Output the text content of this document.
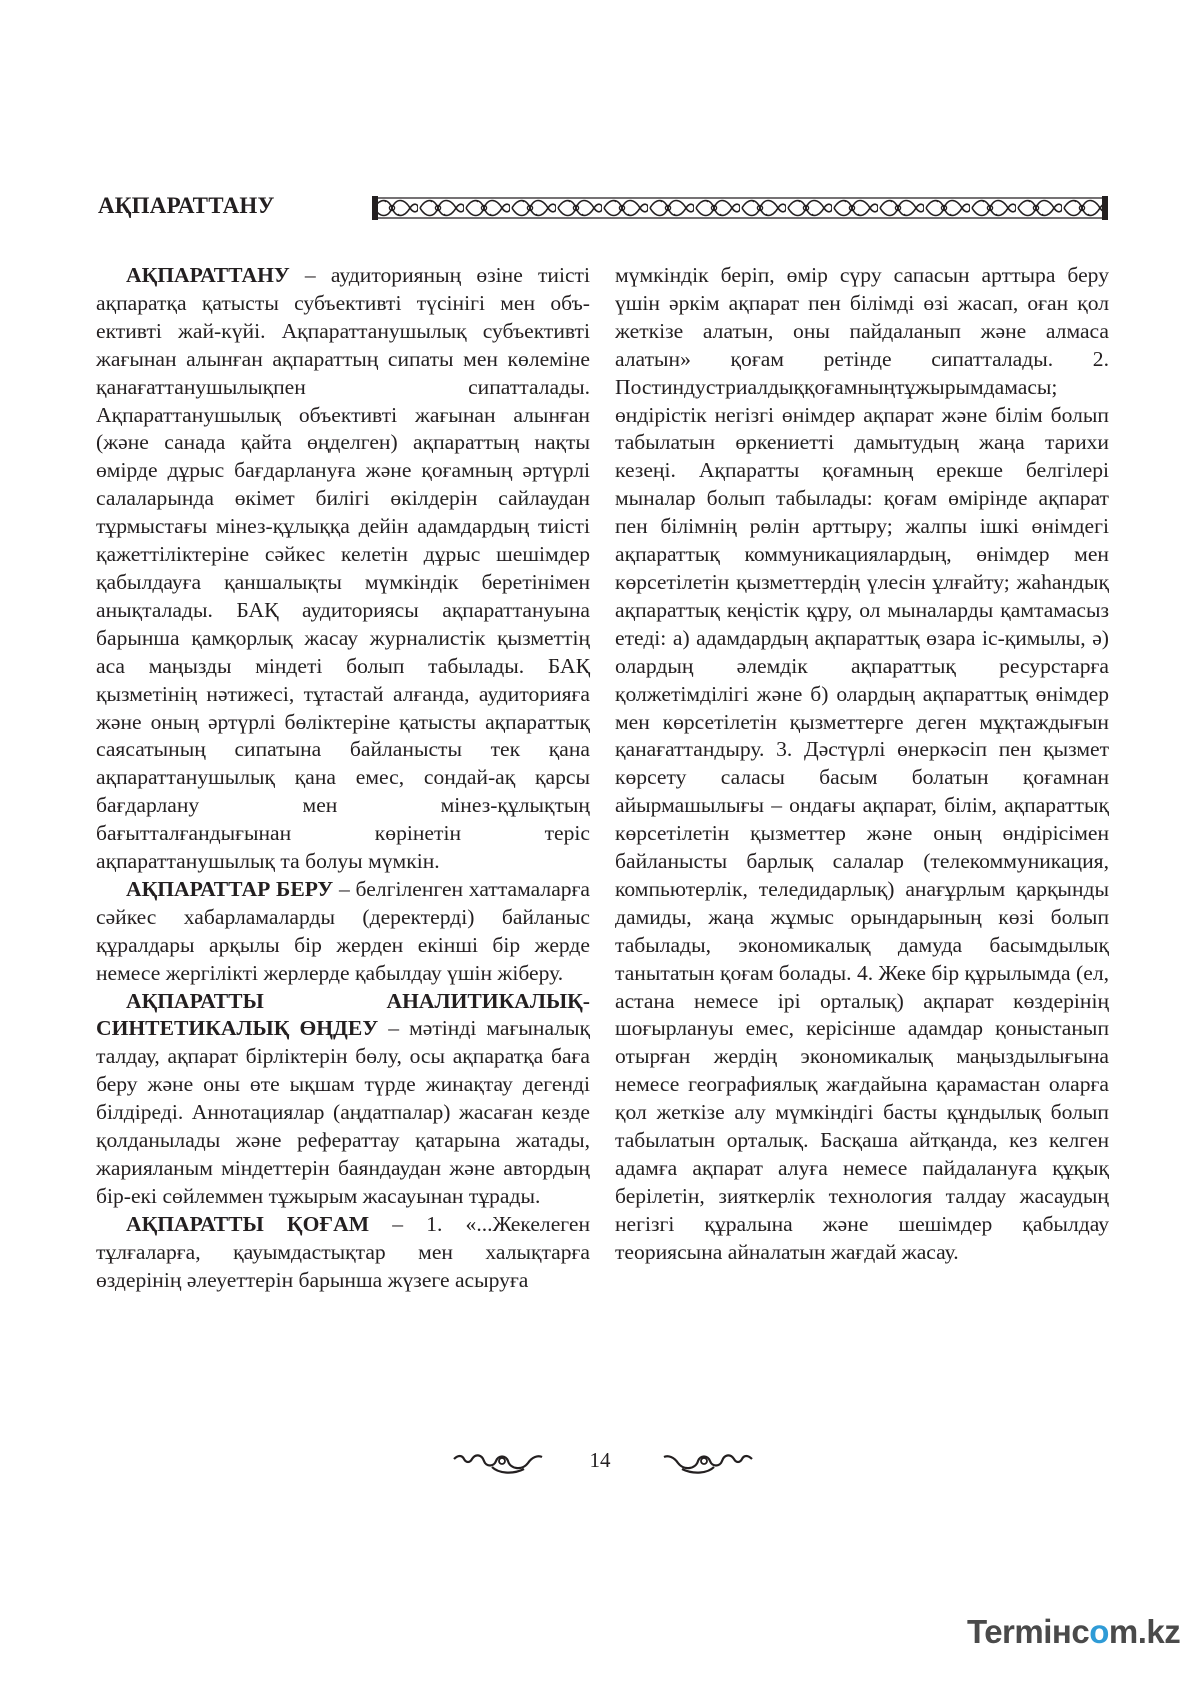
АҚПАРАТТАНУ

АҚПАРАТТАНУ – аудиторияның өзіне тиісті ақпаратқа қатысты субъективті түсінігі мен объективті жай-күйі. Ақпараттанушылық субъективті жағынан алынған ақпараттың сипаты мен көлеміне қанағаттанушылықпен сипатталады. Ақпараттанушылық объективті жағынан алынған (және санада қайта өңделген) ақпараттың нақты өмірде дұрыс бағдарлануға және қоғамның әртүрлі салаларында өкімет билігі өкілдерін сайлаудан тұрмыстағы мінез-құлыққа дейін адамдардың тиісті қажеттіліктеріне сәйкес келетін дұрыс шешімдер қабылдауға қаншалықты мүмкіндік беретінімен анықталады. БАҚ аудиториясы ақпараттануына барынша қамқорлық жасау журналистік қызметтің аса маңызды міндеті болып табылады. БАҚ қызметінің нәтижесі, тұтастай алғанда, аудиторияға және оның әртүрлі бөліктеріне қатысты ақпараттық саясатының сипатына байланысты тек қана ақпараттанушылық қана емес, сондай-ақ қарсы бағдарлану мен мінез-құлықтың бағытталғандығынан көрінетін теріс ақпараттанушылық та болуы мүмкін.

АҚПАРАТТАР БЕРУ – белгіленген хаттамаларға сәйкес хабарламаларды (деректерді) байланыс құралдары арқылы бір жерден екінші бір жерде немесе жергілікті жерлерде қабылдау үшін жіберу.

АҚПАРАТТЫ АНАЛИТИКАЛЫҚ-СИНТЕТИКАЛЫҚ ӨҢДЕУ – мәтінді мағыналық талдау, ақпарат бірліктерін бөлу, осы ақпаратқа баға беру және оны өте ықшам түрде жинақтау дегенді білдіреді. Аннотациялар (аңдатпалар) жасаған кезде қолданылады және рефераттау қатарына жатады, жарияланым міндеттерін баяндаудан және автордың бір-екі сөйлеммен тұжырым жасауынан тұрады.

АҚПАРАТТЫ ҚОҒАМ – 1. «...Жекелеген тұлғаларға, қауымдастықтар мен халықтарға өздерінің әлеуеттерін барынша жүзеге асыруға

мүмкіндік беріп, өмір сүру сапасын арттыра беру үшін әркім ақпарат пен білімді өзі жасап, оған қол жеткізе алатын, оны пайдаланып және алмаса алатын» қоғам ретінде сипатталады. 2. Постиндустриалдыққоғамныңтұжырымдамасы; өндірістік негізгі өнімдер ақпарат және білім болып табылатын өркениетті дамытудың жаңа тарихи кезеңі. Ақпаратты қоғамның ерекше белгілері мыналар болып табылады: қоғам өмірінде ақпарат пен білімнің рөлін арттыру; жалпы ішкі өнімдегі ақпараттық коммуникациялардың, өнімдер мен көрсетілетін қызметтердің үлесін ұлғайту; жаһандық ақпараттық кеңістік құру, ол мыналарды қамтамасыз етеді: а) адамдардың ақпараттық өзара іс-қимылы, ә) олардың әлемдік ақпараттық ресурстарға қолжетімділігі және б) олардың ақпараттық өнімдер мен көрсетілетін қызметтерге деген мұқтаждығын қанағаттандыру. 3. Дәстүрлі өнеркәсіп пен қызмет көрсету саласы басым болатын қоғамнан айырмашылығы – ондағы ақпарат, білім, ақпараттық көрсетілетін қызметтер және оның өндірісімен байланысты барлық салалар (телекоммуникация, компьютерлік, теледидарлық) анағұрлым қарқынды дамиды, жаңа жұмыс орындарының көзі болып табылады, экономикалық дамуда басымдылық танытатын қоғам болады. 4. Жеке бір құрылымда (ел, астана немесе ірі орталық) ақпарат көздерінің шоғырлануы емес, керісінше адамдар қоныстанып отырған жердің экономикалық маңыздылығына немесе географиялық жағдайына қарамастан оларға қол жеткізе алу мүмкіндігі басты құндылық болып табылатын орталық. Басқаша айтқанда, кез келген адамға ақпарат алуға немесе пайдалануға құқық берілетін, зияткерлік технология талдау жасаудың негізгі құралына және шешімдер қабылдау теориясына айналатын жағдай жасау.

14
Termінcom.kz
